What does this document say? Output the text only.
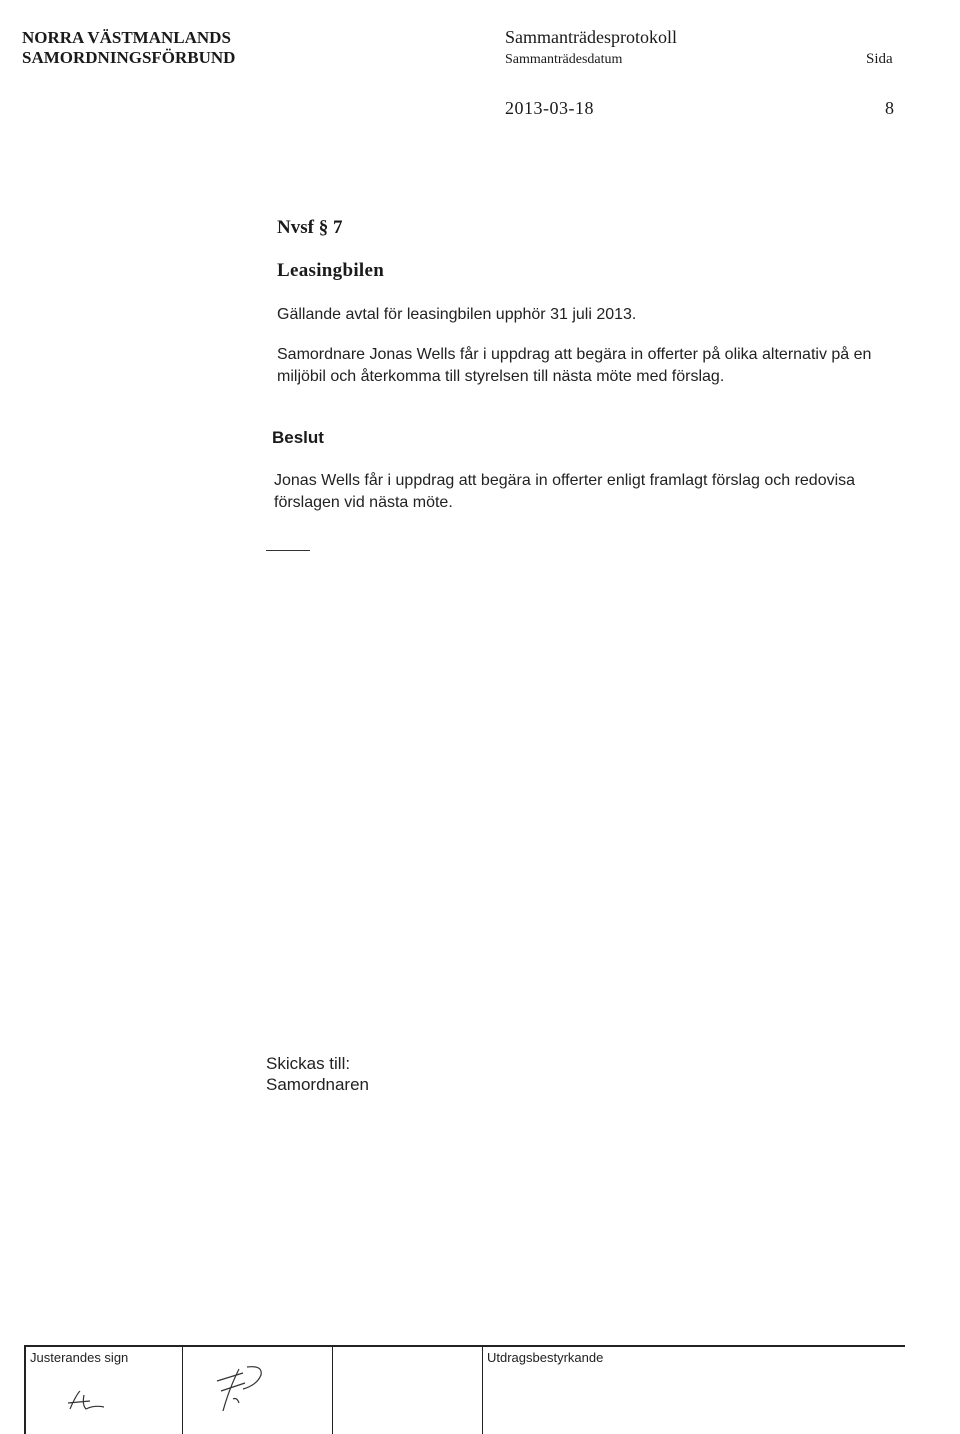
NORRA VÄSTMANLANDS
SAMORDNINGSFÖRBUND
Sammanträdesprotokoll
Sammanträdesdatum	Sida
2013-03-18	8
Nvsf § 7
Leasingbilen
Gällande avtal för leasingbilen upphör 31 juli 2013.
Samordnare Jonas Wells får i uppdrag att begära in offerter på olika alternativ på en miljöbil och återkomma till styrelsen till nästa möte med förslag.
Beslut
Jonas Wells får i uppdrag att begära in offerter enligt framlagt förslag och redovisa förslagen vid nästa möte.
Skickas till:
Samordnaren
Justerandes sign	Utdragsbestyrkande
